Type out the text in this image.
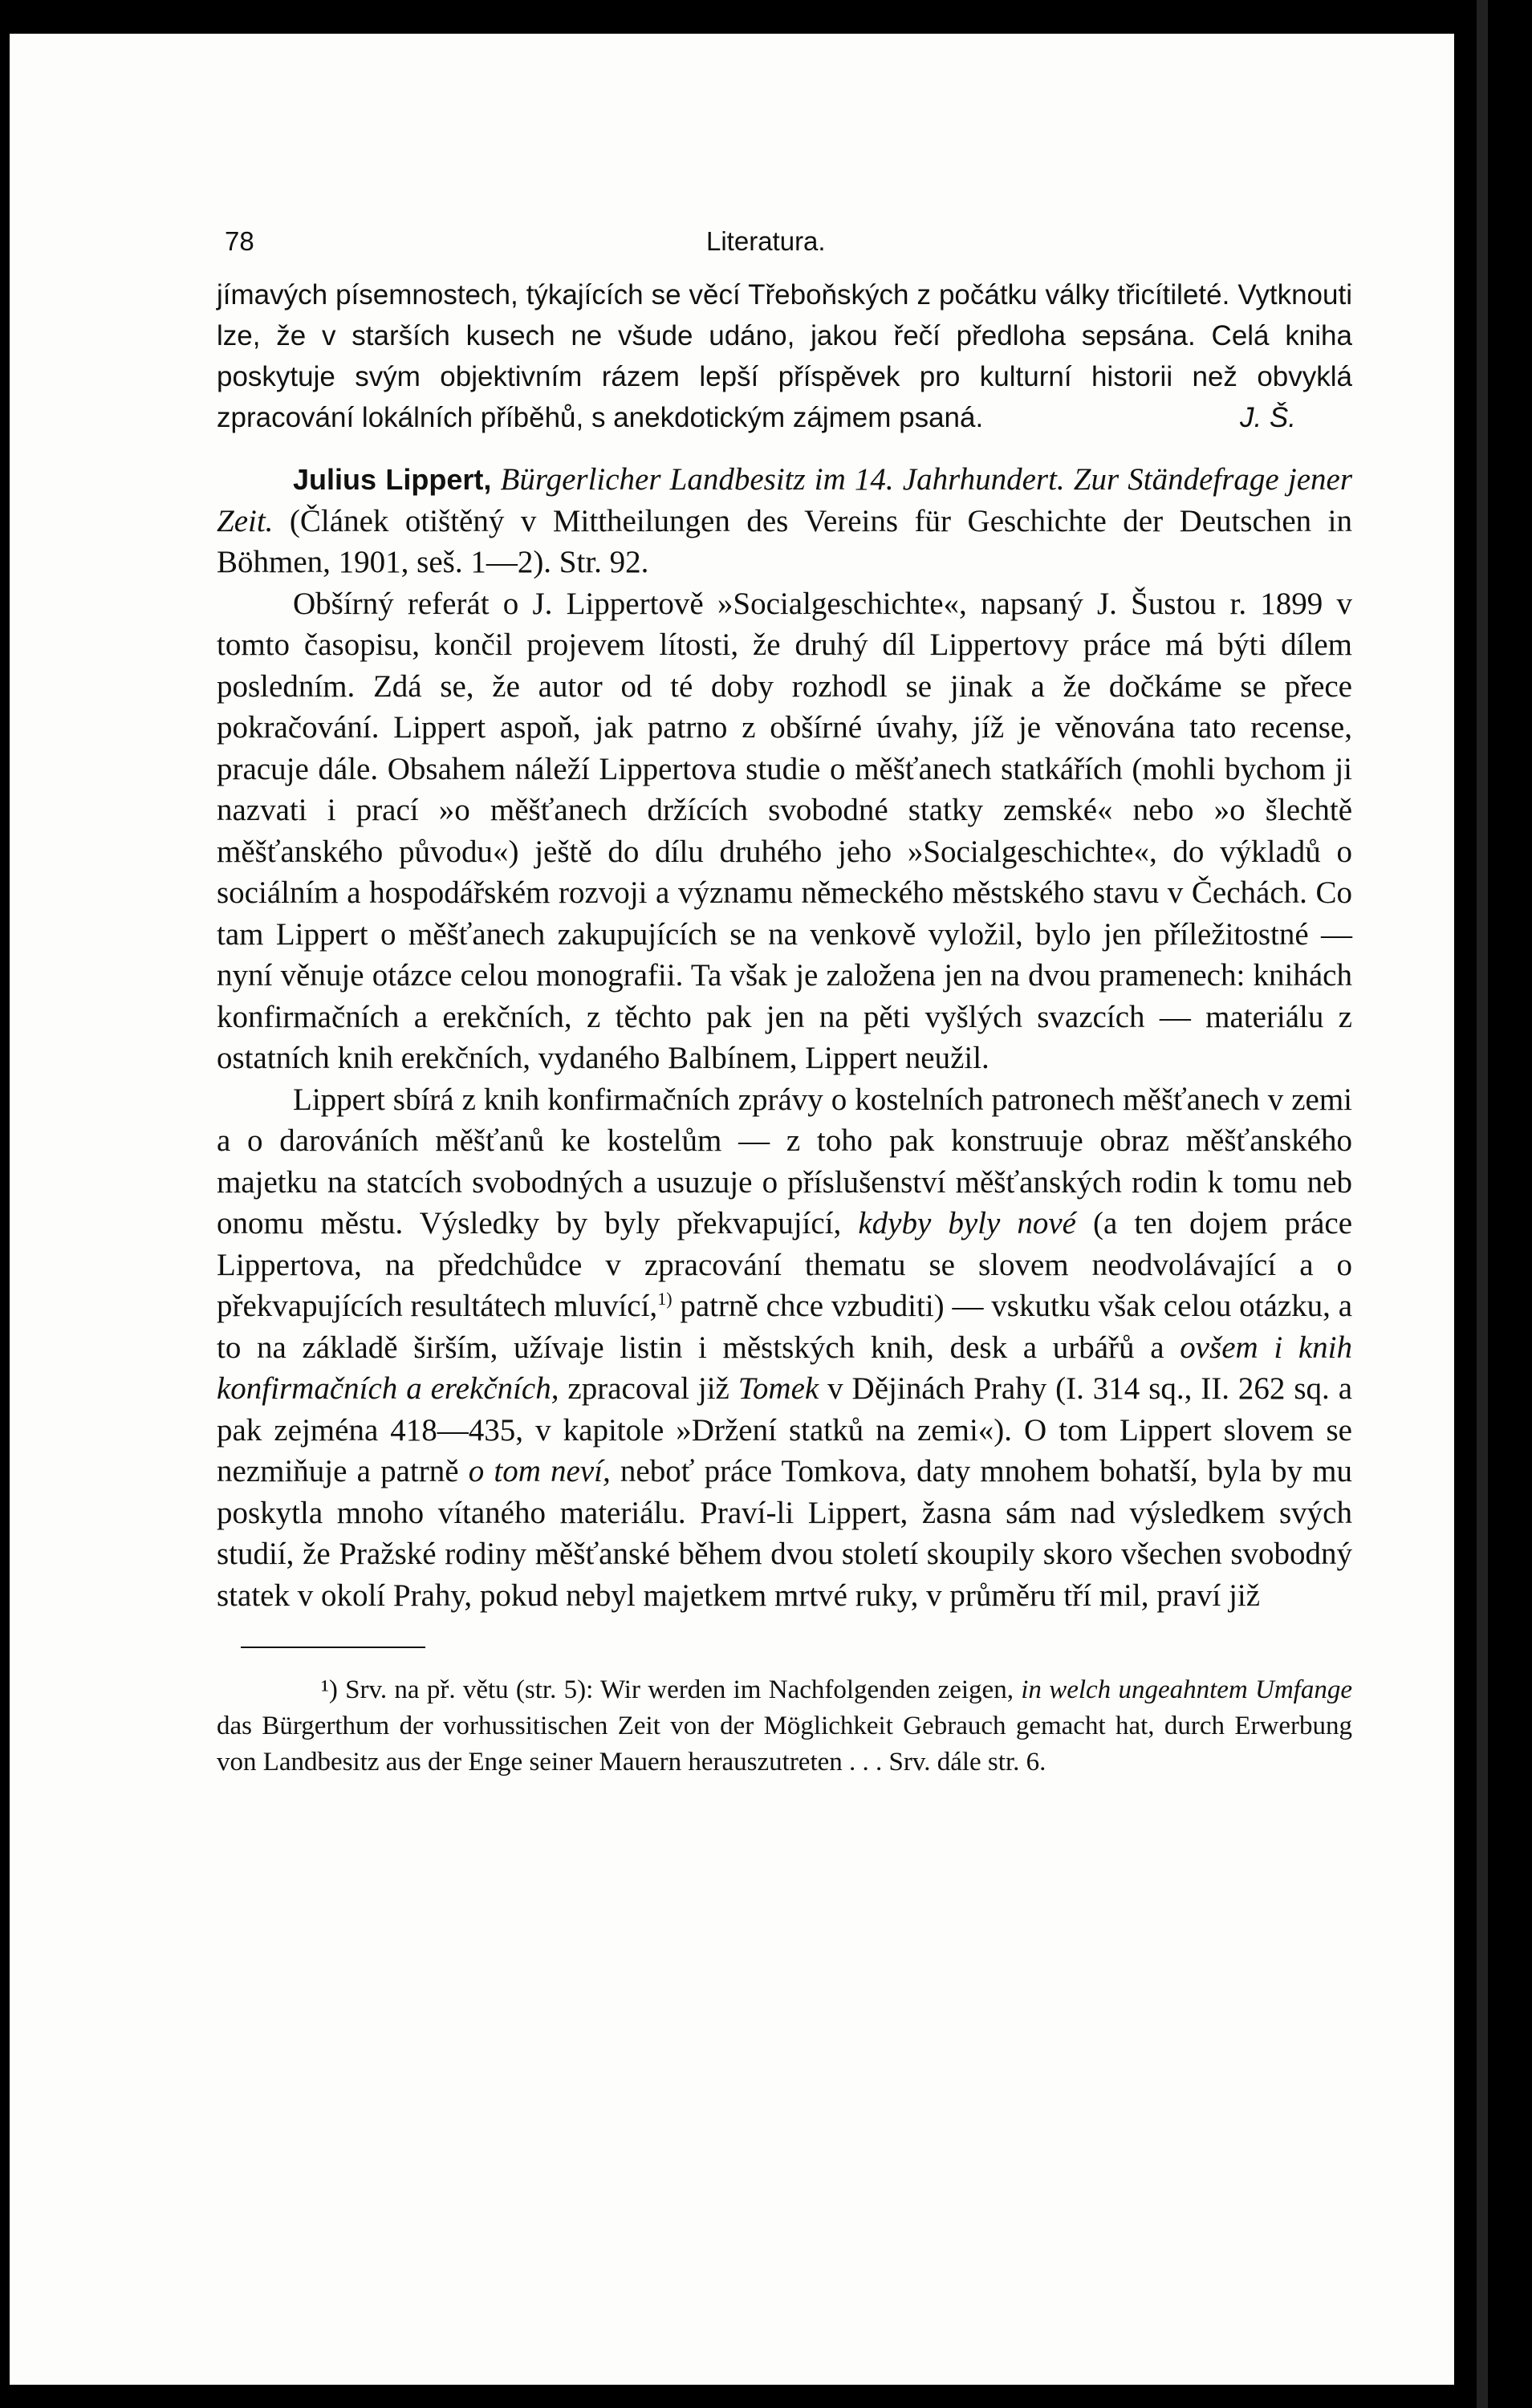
78	Literatura.

jímavých písemnostech, týkajících se věcí Třeboňských z počátku války třicítileté. Vytknouti lze, že v starších kusech ne všude udáno, jakou řečí předloha sepsána. Celá kniha poskytuje svým objektivním rázem lepší příspěvek pro kulturní historii než obvyklá zpracování lokálních příběhů, s anekdotickým zájmem psaná.	J. Š.

Julius Lippert, Bürgerlicher Landbesitz im 14. Jahrhundert. Zur Ständefrage jener Zeit. (Článek otištěný v Mittheilungen des Vereins für Geschichte der Deutschen in Böhmen, 1901, seš. 1—2). Str. 92.

Obšírný referát o J. Lippertově »Socialgeschichte«, napsaný J. Šustou r. 1899 v tomto časopisu, končil projevem lítosti, že druhý díl Lippertovy práce má býti dílem posledním. Zdá se, že autor od té doby rozhodl se jinak a že dočkáme se přece pokračování. Lippert aspoň, jak patrno z obšírné úvahy, jíž je věnována tato recense, pracuje dále. Obsahem náleží Lippertova studie o měšťanech statkářích (mohli bychom ji nazvati i prací »o měšťanech držících svobodné statky zemské« nebo »o šlechtě měšťanského původu«) ještě do dílu druhého jeho »Socialgeschichte«, do výkladů o sociálním a hospodářském rozvoji a významu německého městského stavu v Čechách. Co tam Lippert o měšťanech zakupujících se na venkově vyložil, bylo jen příležitostné — nyní věnuje otázce celou monografii. Ta však je založena jen na dvou pramenech: knihách konfirmačních a erekčních, z těchto pak jen na pěti vyšlých svazcích — materiálu z ostatních knih erekčních, vydaného Balbínem, Lippert neužil.

Lippert sbírá z knih konfirmačních zprávy o kostelních patronech měšťanech v zemi a o darováních měšťanů ke kostelům — z toho pak konstruuje obraz měšťanského majetku na statcích svobodných a usuzuje o příslušenství měšťanských rodin k tomu neb onomu městu. Výsledky by byly překvapující, kdyby byly nové (a ten dojem práce Lippertova, na předchůdce v zpracování thematu se slovem neodvolávající a o překvapujících resultátech mluvící,$^{1)}$ patrně chce vzbuditi) — vskutku však celou otázku, a to na základě širším, užívaje listin i městských knih, desk a urbářů a ovšem i knih konfirmačních a erekčních, zpracoval již Tomek v Dějinách Prahy (I. 314 sq., II. 262 sq. a pak zejména 418—435, v kapitole »Držení statků na zemi«). O tom Lippert slovem se nezmiňuje a patrně o tom neví, neboť práce Tomkova, daty mnohem bohatší, byla by mu poskytla mnoho vítaného materiálu. Praví-li Lippert, žasna sám nad výsledkem svých studií, že Pražské rodiny měšťanské během dvou století skoupily skoro všechen svobodný statek v okolí Prahy, pokud nebyl majetkem mrtvé ruky, v průměru tří mil, praví již

¹) Srv. na př. větu (str. 5): Wir werden im Nachfolgenden zeigen, in welch ungeahntem Umfange das Bürgerthum der vorhussitischen Zeit von der Möglichkeit Gebrauch gemacht hat, durch Erwerbung von Landbesitz aus der Enge seiner Mauern herauszutreten . . . Srv. dále str. 6.
